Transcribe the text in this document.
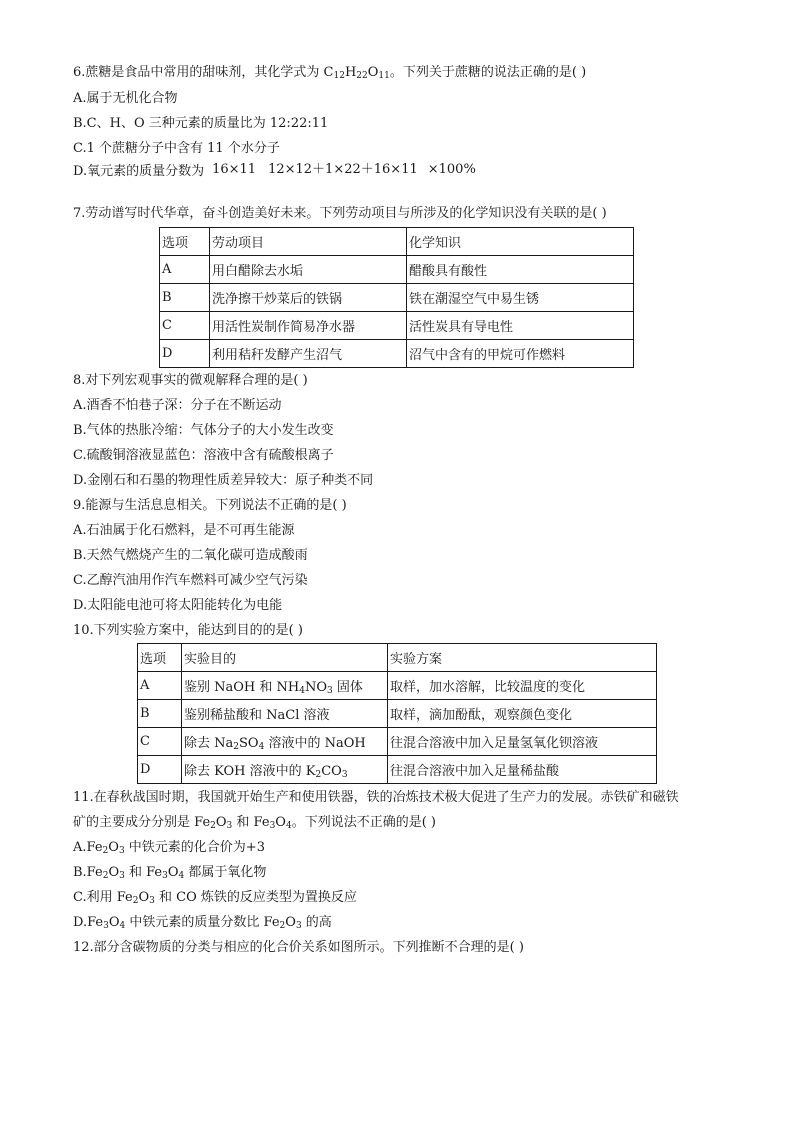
6.蔗糖是食品中常用的甜味剂，其化学式为 $C_{12}H_{22}O_{11}$。下列关于蔗糖的说法正确的是( )
A.属于无机化合物
B.C、H、O 三种元素的质量比为 12:22:11
C.1 个蔗糖分子中含有 11 个水分子
D.氧元素的质量分数为 16×11 12×12＋1×22＋16×11 ×100%
7.劳动谱写时代华章，奋斗创造美好未来。下列劳动项目与所涉及的化学知识没有关联的是( )
选项	劳动项目	化学知识
A	用白醋除去水垢	醋酸具有酸性
B	洗净擦干炒菜后的铁锅	铁在潮湿空气中易生锈
C	用活性炭制作简易净水器	活性炭具有导电性
D	利用秸秆发酵产生沼气	沼气中含有的甲烷可作燃料
8.对下列宏观事实的微观解释合理的是( )
A.酒香不怕巷子深：分子在不断运动
B.气体的热胀冷缩：气体分子的大小发生改变
C.硫酸铜溶液显蓝色：溶液中含有硫酸根离子
D.金刚石和石墨的物理性质差异较大：原子种类不同
9.能源与生活息息相关。下列说法不正确的是( )
A.石油属于化石燃料，是不可再生能源
B.天然气燃烧产生的二氧化碳可造成酸雨
C.乙醇汽油用作汽车燃料可减少空气污染
D.太阳能电池可将太阳能转化为电能
10.下列实验方案中，能达到目的的是( )
选项	实验目的	实验方案
A	鉴别 NaOH 和 $NH_4NO_3$ 固体	取样，加水溶解，比较温度的变化
B	鉴别稀盐酸和 NaCl 溶液	取样，滴加酚酞，观察颜色变化
C	除去 $Na_2SO_4$ 溶液中的 NaOH	往混合溶液中加入足量氢氧化钡溶液
D	除去 KOH 溶液中的 $K_2CO_3$	往混合溶液中加入足量稀盐酸
11.在春秋战国时期，我国就开始生产和使用铁器，铁的冶炼技术极大促进了生产力的发展。赤铁矿和磁铁
矿的主要成分分别是 $Fe_2O_3$ 和 $Fe_3O_4$。下列说法不正确的是( )
$A.Fe_2O_3$ 中铁元素的化合价为+3
$B.Fe_2O_3$ 和 $Fe_3O_4$ 都属于氧化物
C.利用 $Fe_2O_3$ 和 CO 炼铁的反应类型为置换反应
$D.Fe_3O_4$ 中铁元素的质量分数比 $Fe_2O_3$ 的高
12.部分含碳物质的分类与相应的化合价关系如图所示。下列推断不合理的是( )
